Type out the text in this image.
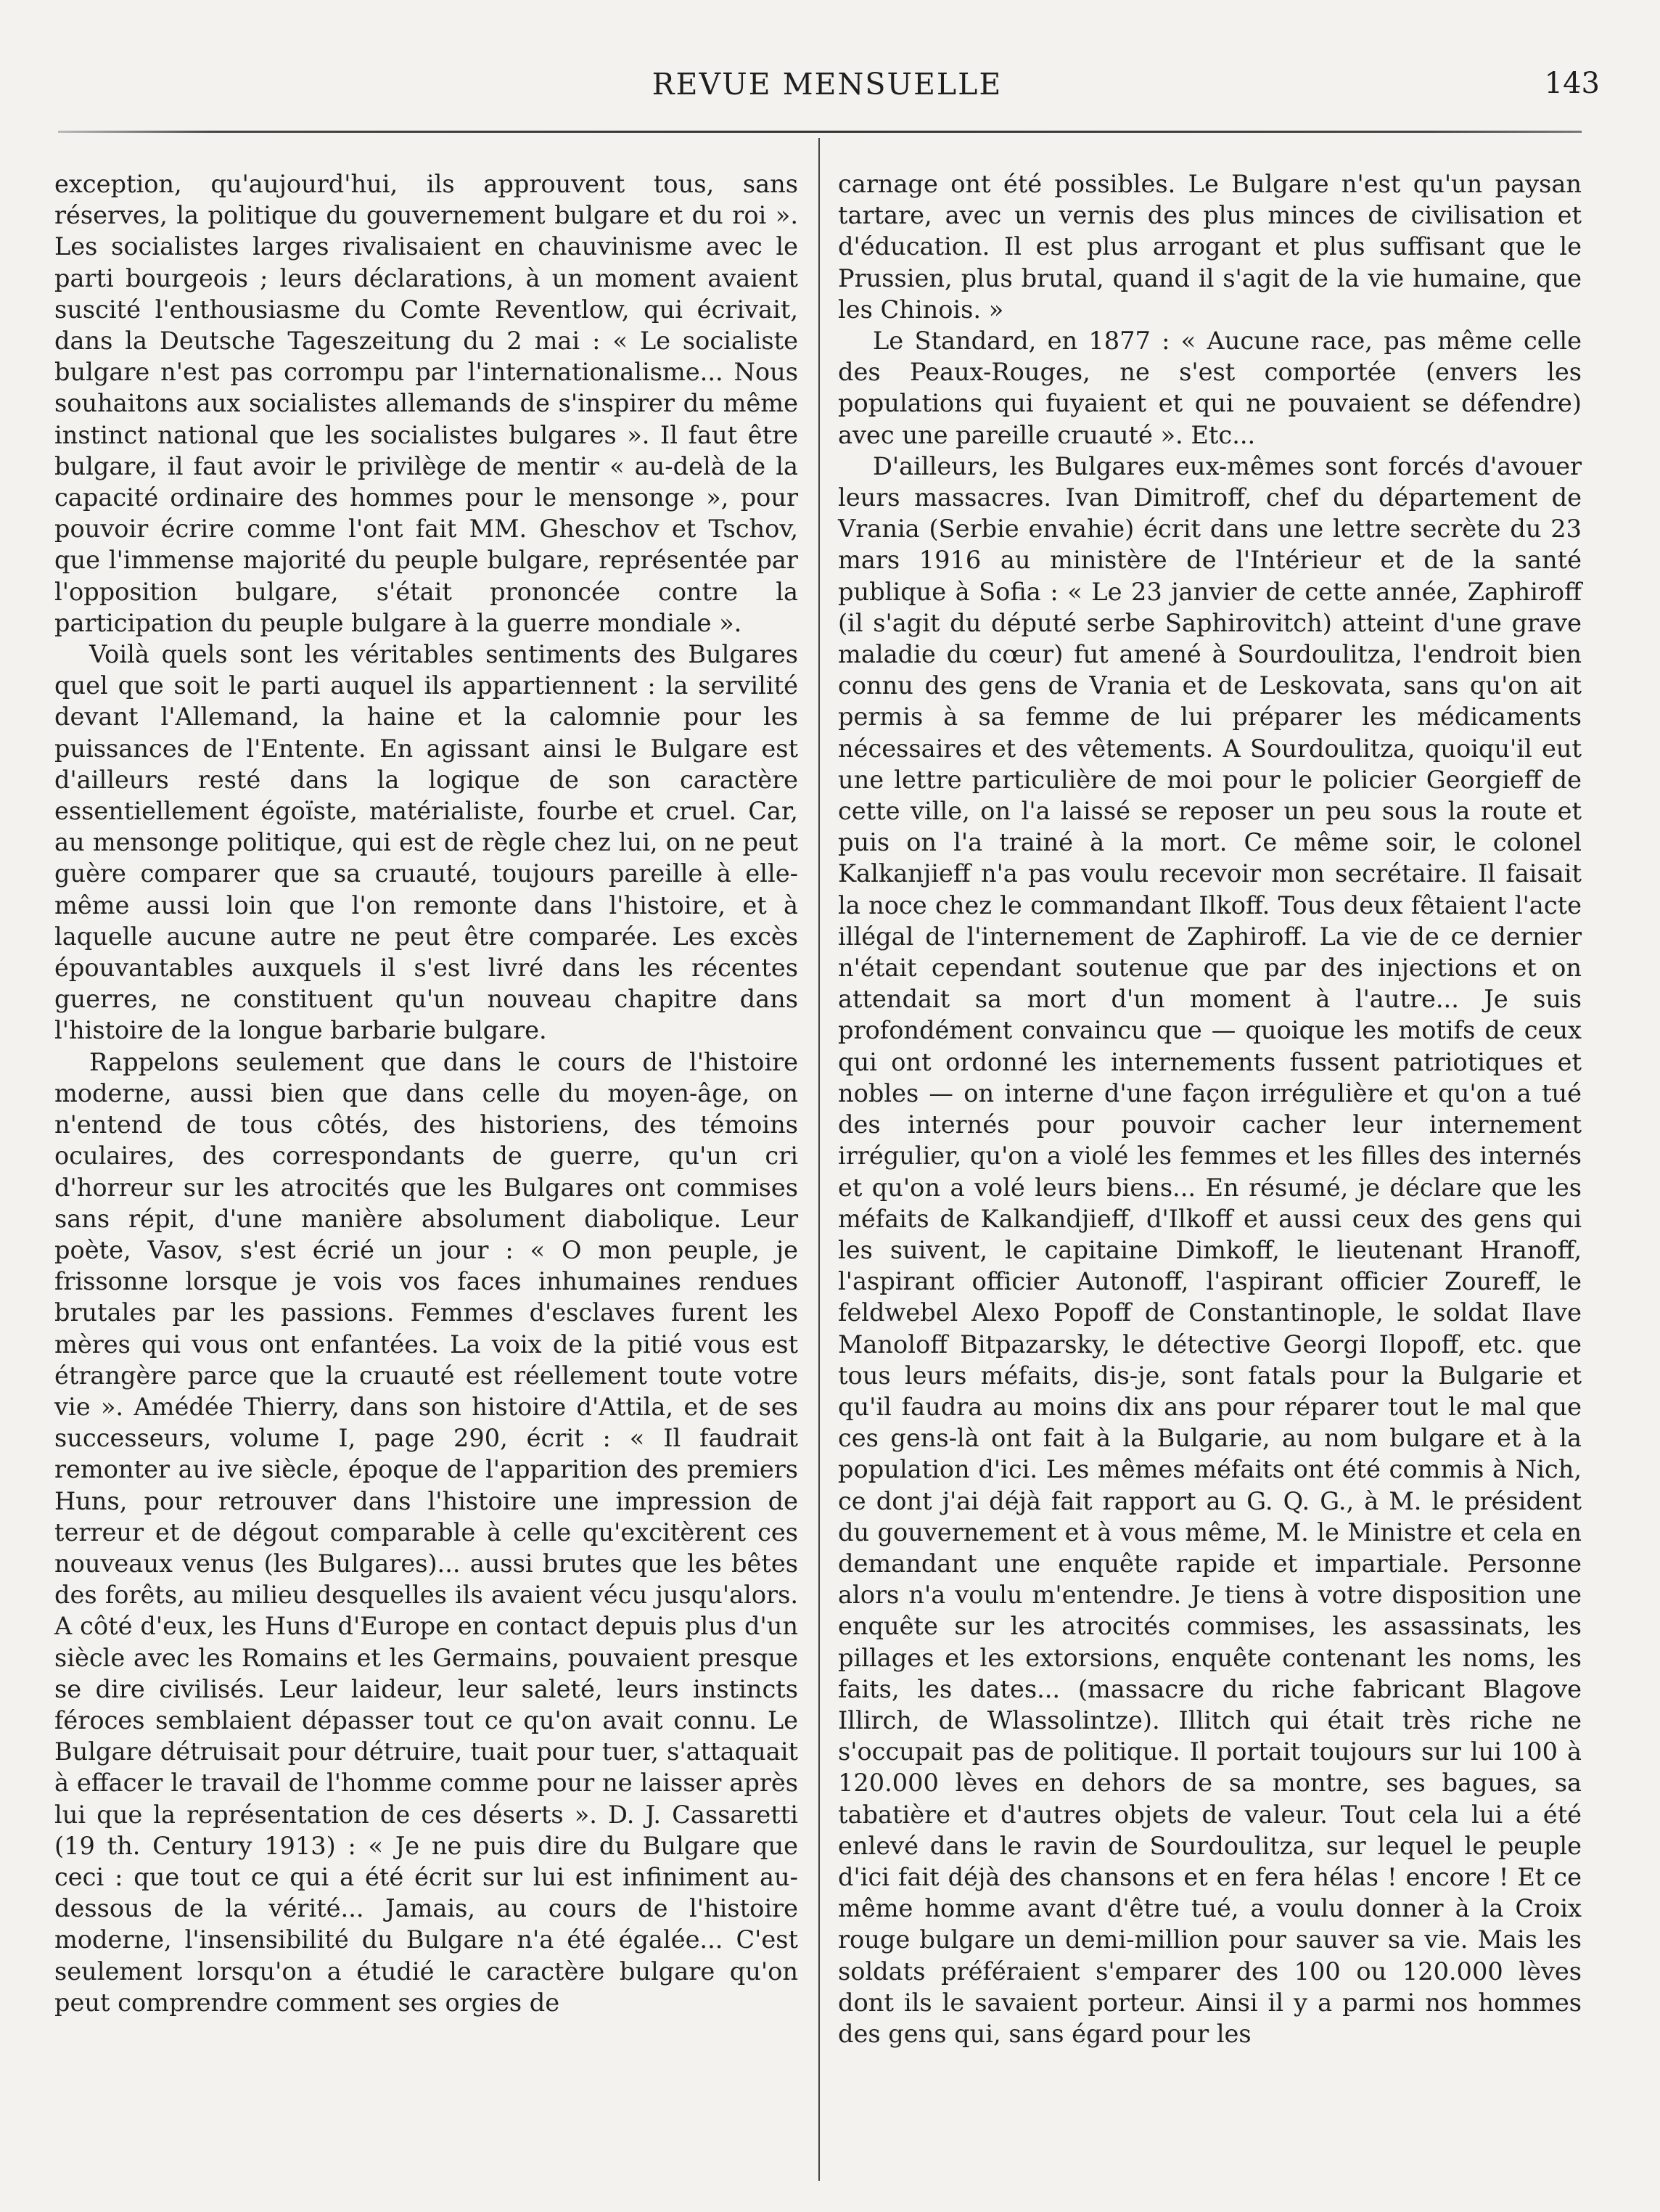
REVUE MENSUELLE	143

exception, qu'aujourd'hui, ils approuvent tous, sans réserves, la politique du gouvernement bulgare et du roi ». Les socialistes larges rivalisaient en chauvinisme avec le parti bourgeois ; leurs déclarations, à un moment avaient suscité l'enthousiasme du Comte Reventlow, qui écrivait, dans la Deutsche Tageszeitung du 2 mai : « Le socialiste bulgare n'est pas corrompu par l'internationalisme... Nous souhaitons aux socialistes allemands de s'inspirer du même instinct national que les socialistes bulgares ». Il faut être bulgare, il faut avoir le privilège de mentir « au-delà de la capacité ordinaire des hommes pour le mensonge », pour pouvoir écrire comme l'ont fait MM. Gheschov et Tschov, que l'immense majorité du peuple bulgare, représentée par l'opposition bulgare, s'était prononcée contre la participation du peuple bulgare à la guerre mondiale ».

Voilà quels sont les véritables sentiments des Bulgares quel que soit le parti auquel ils appartiennent : la servilité devant l'Allemand, la haine et la calomnie pour les puissances de l'Entente. En agissant ainsi le Bulgare est d'ailleurs resté dans la logique de son caractère essentiellement égoïste, matérialiste, fourbe et cruel. Car, au mensonge politique, qui est de règle chez lui, on ne peut guère comparer que sa cruauté, toujours pareille à elle-même aussi loin que l'on remonte dans l'histoire, et à laquelle aucune autre ne peut être comparée. Les excès épouvantables auxquels il s'est livré dans les récentes guerres, ne constituent qu'un nouveau chapitre dans l'histoire de la longue barbarie bulgare.

Rappelons seulement que dans le cours de l'histoire moderne, aussi bien que dans celle du moyen-âge, on n'entend de tous côtés, des historiens, des témoins oculaires, des correspondants de guerre, qu'un cri d'horreur sur les atrocités que les Bulgares ont commises sans répit, d'une manière absolument diabolique. Leur poète, Vasov, s'est écrié un jour : « O mon peuple, je frissonne lorsque je vois vos faces inhumaines rendues brutales par les passions. Femmes d'esclaves furent les mères qui vous ont enfantées. La voix de la pitié vous est étrangère parce que la cruauté est réellement toute votre vie ». Amédée Thierry, dans son histoire d'Attila, et de ses successeurs, volume I, page 290, écrit : « Il faudrait remonter au ive siècle, époque de l'apparition des premiers Huns, pour retrouver dans l'histoire une impression de terreur et de dégout comparable à celle qu'excitèrent ces nouveaux venus (les Bulgares)... aussi brutes que les bêtes des forêts, au milieu desquelles ils avaient vécu jusqu'alors. A côté d'eux, les Huns d'Europe en contact depuis plus d'un siècle avec les Romains et les Germains, pouvaient presque se dire civilisés. Leur laideur, leur saleté, leurs instincts féroces semblaient dépasser tout ce qu'on avait connu. Le Bulgare détruisait pour détruire, tuait pour tuer, s'attaquait à effacer le travail de l'homme comme pour ne laisser après lui que la représentation de ces déserts ». D. J. Cassaretti (19 th. Century 1913) : « Je ne puis dire du Bulgare que ceci : que tout ce qui a été écrit sur lui est infiniment au-dessous de la vérité... Jamais, au cours de l'histoire moderne, l'insensibilité du Bulgare n'a été égalée... C'est seulement lorsqu'on a étudié le caractère bulgare qu'on peut comprendre comment ses orgies de

carnage ont été possibles. Le Bulgare n'est qu'un paysan tartare, avec un vernis des plus minces de civilisation et d'éducation. Il est plus arrogant et plus suffisant que le Prussien, plus brutal, quand il s'agit de la vie humaine, que les Chinois. »

Le Standard, en 1877 : « Aucune race, pas même celle des Peaux-Rouges, ne s'est comportée (envers les populations qui fuyaient et qui ne pouvaient se défendre) avec une pareille cruauté ». Etc...

D'ailleurs, les Bulgares eux-mêmes sont forcés d'avouer leurs massacres. Ivan Dimitroff, chef du département de Vrania (Serbie envahie) écrit dans une lettre secrète du 23 mars 1916 au ministère de l'Intérieur et de la santé publique à Sofia : « Le 23 janvier de cette année, Zaphiroff (il s'agit du député serbe Saphirovitch) atteint d'une grave maladie du cœur) fut amené à Sourdoulitza, l'endroit bien connu des gens de Vrania et de Leskovata, sans qu'on ait permis à sa femme de lui préparer les médicaments nécessaires et des vêtements. A Sourdoulitza, quoiqu'il eut une lettre particulière de moi pour le policier Georgieff de cette ville, on l'a laissé se reposer un peu sous la route et puis on l'a trainé à la mort. Ce même soir, le colonel Kalkanjieff n'a pas voulu recevoir mon secrétaire. Il faisait la noce chez le commandant Ilkoff. Tous deux fêtaient l'acte illégal de l'internement de Zaphiroff. La vie de ce dernier n'était cependant soutenue que par des injections et on attendait sa mort d'un moment à l'autre... Je suis profondément convaincu que — quoique les motifs de ceux qui ont ordonné les internements fussent patriotiques et nobles — on interne d'une façon irrégulière et qu'on a tué des internés pour pouvoir cacher leur internement irrégulier, qu'on a violé les femmes et les filles des internés et qu'on a volé leurs biens... En résumé, je déclare que les méfaits de Kalkandjieff, d'Ilkoff et aussi ceux des gens qui les suivent, le capitaine Dimkoff, le lieutenant Hranoff, l'aspirant officier Autonoff, l'aspirant officier Zoureff, le feldwebel Alexo Popoff de Constantinople, le soldat Ilave Manoloff Bitpazarsky, le détective Georgi Ilopoff, etc. que tous leurs méfaits, dis-je, sont fatals pour la Bulgarie et qu'il faudra au moins dix ans pour réparer tout le mal que ces gens-là ont fait à la Bulgarie, au nom bulgare et à la population d'ici. Les mêmes méfaits ont été commis à Nich, ce dont j'ai déjà fait rapport au G. Q. G., à M. le président du gouvernement et à vous même, M. le Ministre et cela en demandant une enquête rapide et impartiale. Personne alors n'a voulu m'entendre. Je tiens à votre disposition une enquête sur les atrocités commises, les assassinats, les pillages et les extorsions, enquête contenant les noms, les faits, les dates... (massacre du riche fabricant Blagove Illirch, de Wlassolintze). Illitch qui était très riche ne s'occupait pas de politique. Il portait toujours sur lui 100 à 120.000 lèves en dehors de sa montre, ses bagues, sa tabatière et d'autres objets de valeur. Tout cela lui a été enlevé dans le ravin de Sourdoulitza, sur lequel le peuple d'ici fait déjà des chansons et en fera hélas ! encore ! Et ce même homme avant d'être tué, a voulu donner à la Croix rouge bulgare un demi-million pour sauver sa vie. Mais les soldats préféraient s'emparer des 100 ou 120.000 lèves dont ils le savaient porteur. Ainsi il y a parmi nos hommes des gens qui, sans égard pour les
